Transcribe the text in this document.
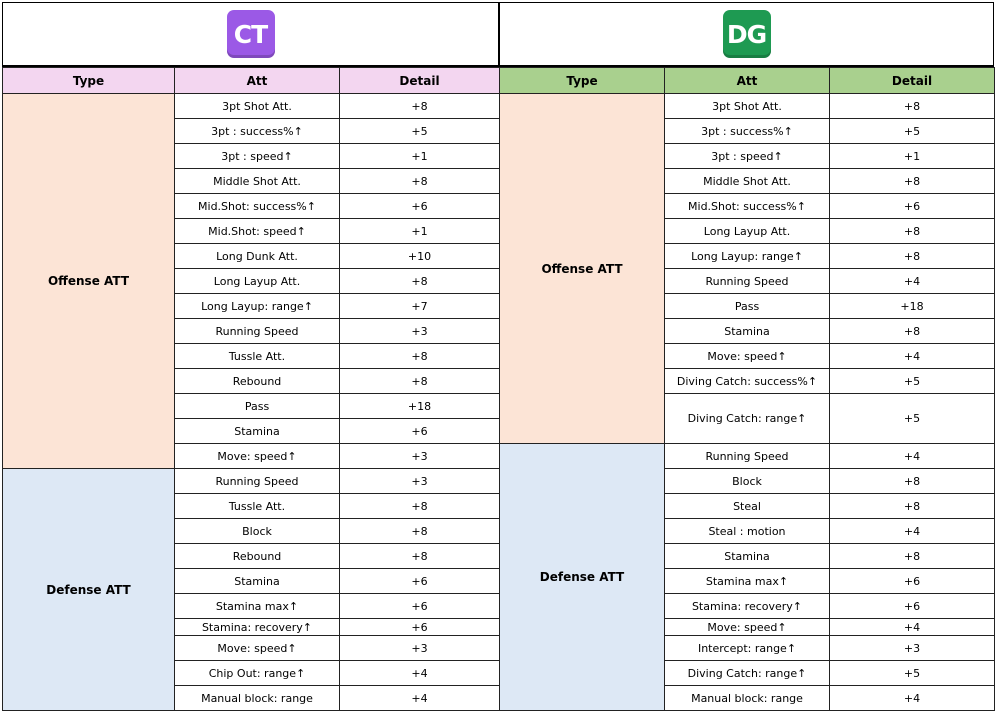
CT
Type	Att	Detail
Offense ATT	3pt Shot Att.	+8
	3pt : success%↑	+5
	3pt : speed↑	+1
	Middle Shot Att.	+8
	Mid.Shot: success%↑	+6
	Mid.Shot: speed↑	+1
	Long Dunk Att.	+10
	Long Layup Att.	+8
	Long Layup: range↑	+7
	Running Speed	+3
	Tussle Att.	+8
	Rebound	+8
	Pass	+18
	Stamina	+6
	Move: speed↑	+3
Defense ATT	Running Speed	+3
	Tussle Att.	+8
	Block	+8
	Rebound	+8
	Stamina	+6
	Stamina max↑	+6
	Stamina: recovery↑	+6
	Move: speed↑	+3
	Chip Out: range↑	+4
	Manual block: range	+4
DG
Type	Att	Detail
Offense ATT	3pt Shot Att.	+8
	3pt : success%↑	+5
	3pt : speed↑	+1
	Middle Shot Att.	+8
	Mid.Shot: success%↑	+6
	Long Layup Att.	+8
	Long Layup: range↑	+8
	Running Speed	+4
	Pass	+18
	Stamina	+8
	Move: speed↑	+4
	Diving Catch: success%↑	+5
	Diving Catch: range↑	+5
Defense ATT	Running Speed	+4
	Block	+8
	Steal	+8
	Steal : motion	+4
	Stamina	+8
	Stamina max↑	+6
	Stamina: recovery↑	+6
	Move: speed↑	+4
	Intercept: range↑	+3
	Diving Catch: range↑	+5
	Manual block: range	+4
